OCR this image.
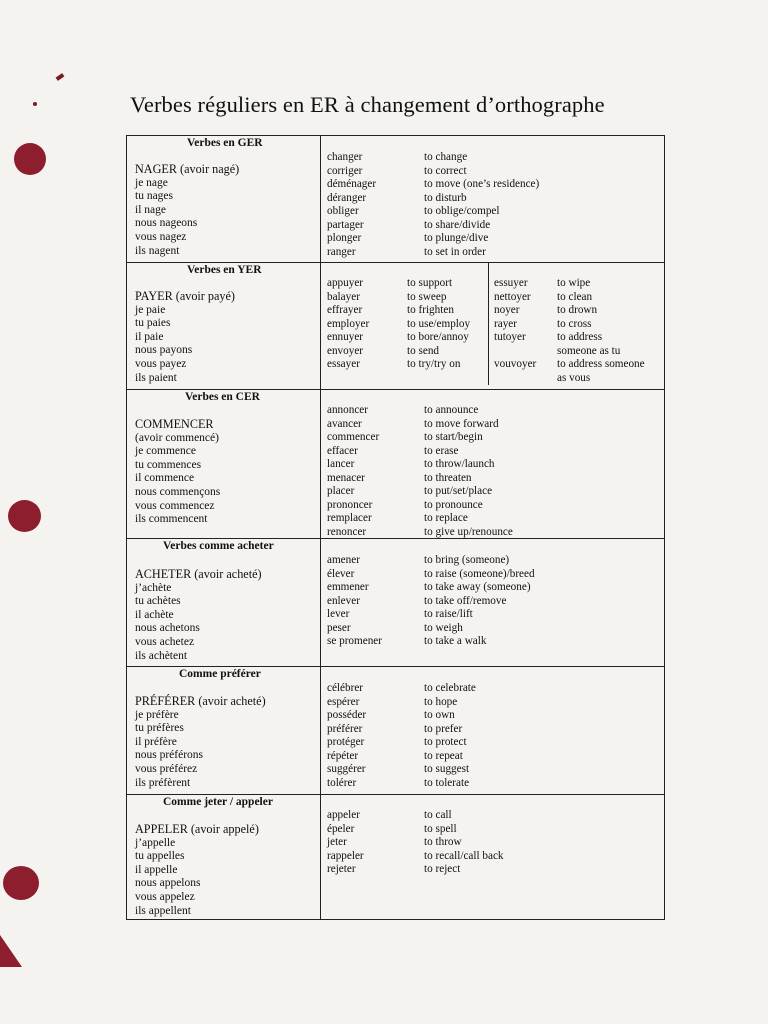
Verbes réguliers en ER à changement d’orthographe
Verbes en GER
NAGER (avoir nagé)
je nage
tu nages
il nage
nous nageons
vous nagez
ils nagent
changer	to change
corriger	to correct
déménager	to move (one’s residence)
déranger	to disturb
obliger	to oblige/compel
partager	to share/divide
plonger	to plunge/dive
ranger	to set in order
Verbes en YER
PAYER (avoir payé)
je paie
tu paies
il paie
nous payons
vous payez
ils paient
appuyer	to support
balayer	to sweep
effrayer	to frighten
employer	to use/employ
ennuyer	to bore/annoy
envoyer	to send
essayer	to try/try on
essuyer	to wipe
nettoyer to clean
noyer	to drown
rayer	to cross
tutoyer	to address
someone as tu
vouvoyer to address someone
as vous
Verbes en CER
COMMENCER
(avoir commencé)
je commence
tu commences
il commence
nous commençons
vous commencez
ils commencent
annoncer	to announce
avancer	to move forward
commencer	to start/begin
effacer	to erase
lancer	to throw/launch
menacer	to threaten
placer	to put/set/place
prononcer	to pronounce
remplacer	to replace
renoncer	to give up/renounce
Verbes comme acheter
ACHETER (avoir acheté)
j’achète
tu achètes
il achète
nous achetons
vous achetez
ils achètent
amener	to bring (someone)
élever	to raise (someone)/breed
emmener	to take away (someone)
enlever	to take off/remove
lever	to raise/lift
peser	to weigh
se promener	to take a walk
Comme préférer
PRÉFÉRER (avoir acheté)
je préfère
tu préfères
il préfère
nous préférons
vous préférez
ils préfèrent
célébrer	to celebrate
espérer	to hope
posséder	to own
préférer	to prefer
protéger	to protect
répéter	to repeat
suggérer	to suggest
tolérer	to tolerate
Comme jeter / appeler
APPELER (avoir appelé)
j’appelle
tu appelles
il appelle
nous appelons
vous appelez
ils appellent
appeler	to call
épeler	to spell
jeter	to throw
rappeler	to recall/call back
rejeter	to reject
